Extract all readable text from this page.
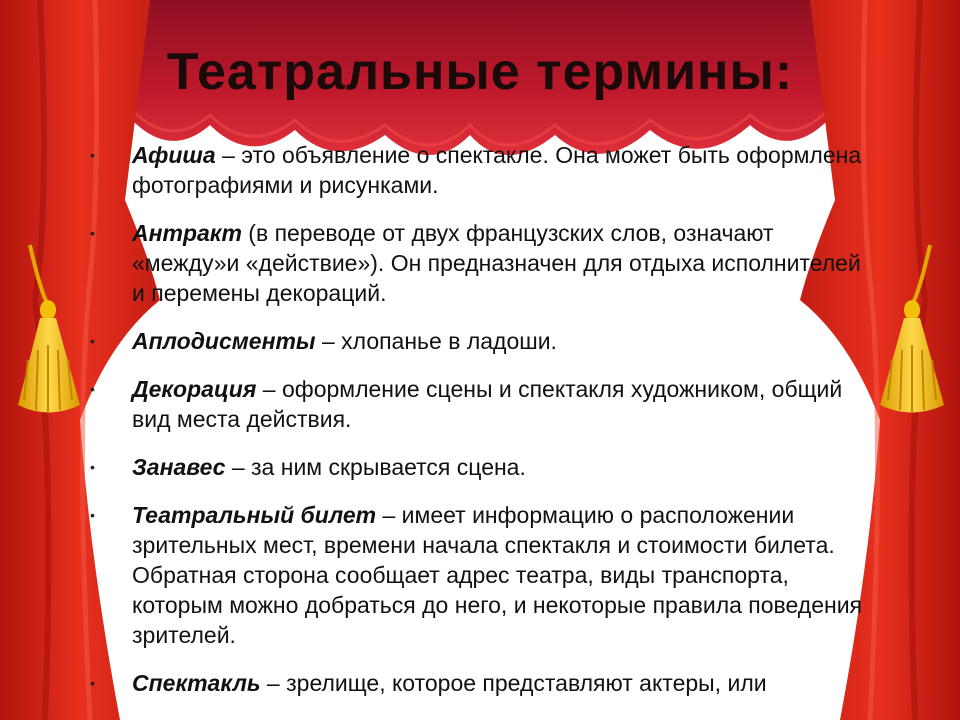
Театральные термины:
• Афиша – это объявление о спектакле. Она может быть оформлена фотографиями и рисунками.
• Антракт (в переводе от двух французских слов, означают «между»и «действие»). Он предназначен для отдыха исполнителей и перемены декораций.
• Аплодисменты – хлопанье в ладоши.
• Декорация – оформление сцены и спектакля художником, общий вид места действия.
• Занавес – за ним скрывается сцена.
• Театральный билет – имеет информацию о расположении зрительных мест, времени начала спектакля и стоимости билета. Обратная сторона сообщает адрес театра, виды транспорта, которым можно добраться до него, и некоторые правила поведения зрителей.
• Спектакль – зрелище, которое представляют актеры, или
